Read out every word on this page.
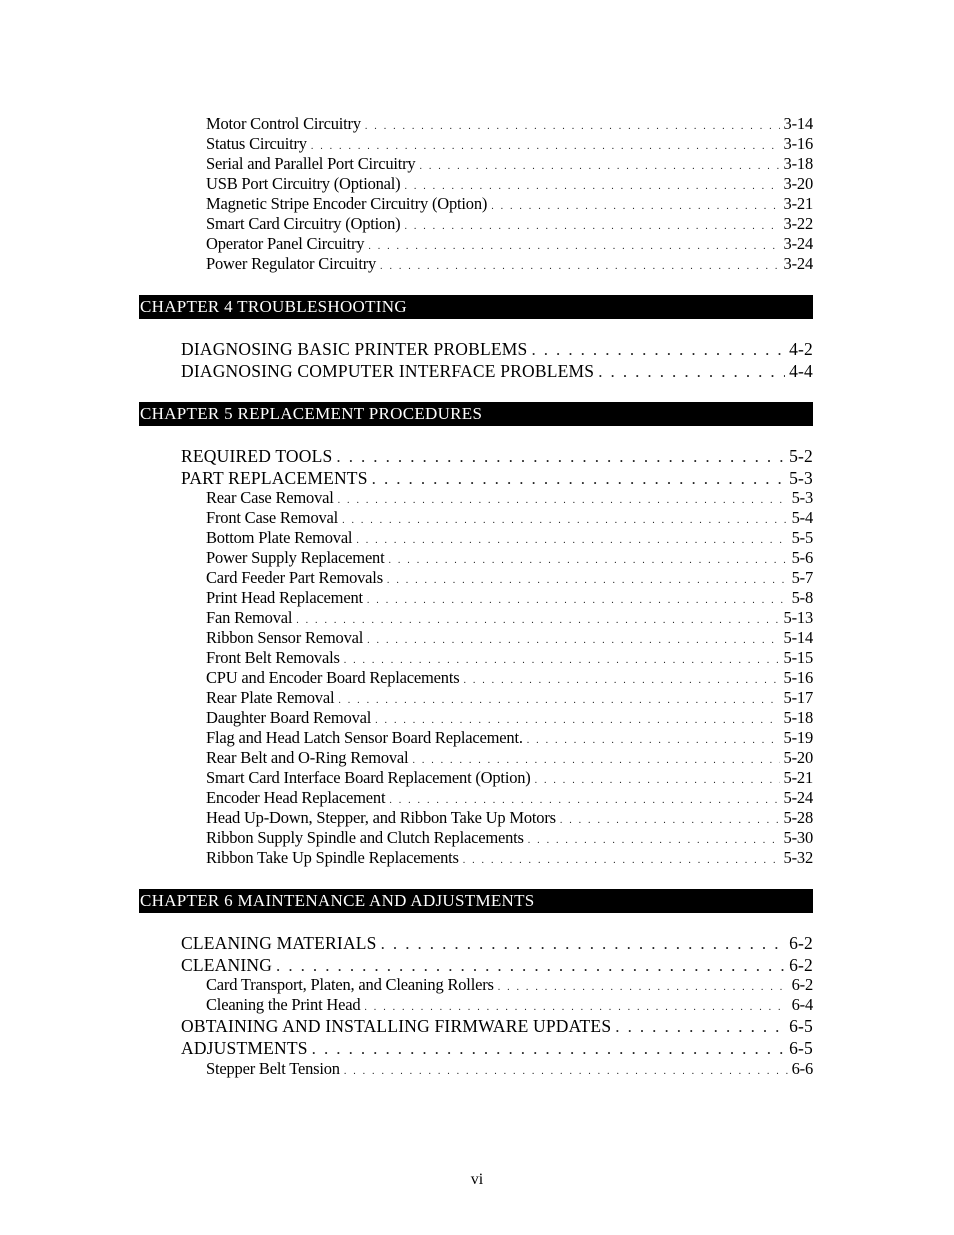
Motor Control Circuitry . . .	3-14
Status Circuitry . . .	3-16
Serial and Parallel Port Circuitry . . .	3-18
USB Port Circuitry (Optional) . . .	3-20
Magnetic Stripe Encoder Circuitry (Option) . . .	3-21
Smart Card Circuitry (Option) . . .	3-22
Operator Panel Circuitry . . .	3-24
Power Regulator Circuitry . . .	3-24
CHAPTER 4 TROUBLESHOOTING
DIAGNOSING BASIC PRINTER PROBLEMS . . .	4-2
DIAGNOSING COMPUTER INTERFACE PROBLEMS . . .	4-4
CHAPTER 5 REPLACEMENT PROCEDURES
REQUIRED TOOLS . . .	5-2
PART REPLACEMENTS . . .	5-3
Rear Case Removal . . .	5-3
Front Case Removal . . .	5-4
Bottom Plate Removal . . .	5-5
Power Supply Replacement . . .	5-6
Card Feeder Part Removals . . .	5-7
Print Head Replacement . . .	5-8
Fan Removal . . .	5-13
Ribbon Sensor Removal . . .	5-14
Front Belt Removals . . .	5-15
CPU and Encoder Board Replacements . . .	5-16
Rear Plate Removal . . .	5-17
Daughter Board Removal . . .	5-18
Flag and Head Latch Sensor Board Replacement. . . .	5-19
Rear Belt and O-Ring Removal . . .	5-20
Smart Card Interface Board Replacement (Option) . . .	5-21
Encoder Head Replacement . . .	5-24
Head Up-Down, Stepper, and Ribbon Take Up Motors . . .	5-28
Ribbon Supply Spindle and Clutch Replacements . . .	5-30
Ribbon Take Up Spindle Replacements . . .	5-32
CHAPTER 6 MAINTENANCE AND ADJUSTMENTS
CLEANING MATERIALS . . .	6-2
CLEANING . . .	6-2
Card Transport, Platen, and Cleaning Rollers . . .	6-2
Cleaning the Print Head . . .	6-4
OBTAINING AND INSTALLING FIRMWARE UPDATES . . .	6-5
ADJUSTMENTS . . .	6-5
Stepper Belt Tension . . .	6-6
vi
